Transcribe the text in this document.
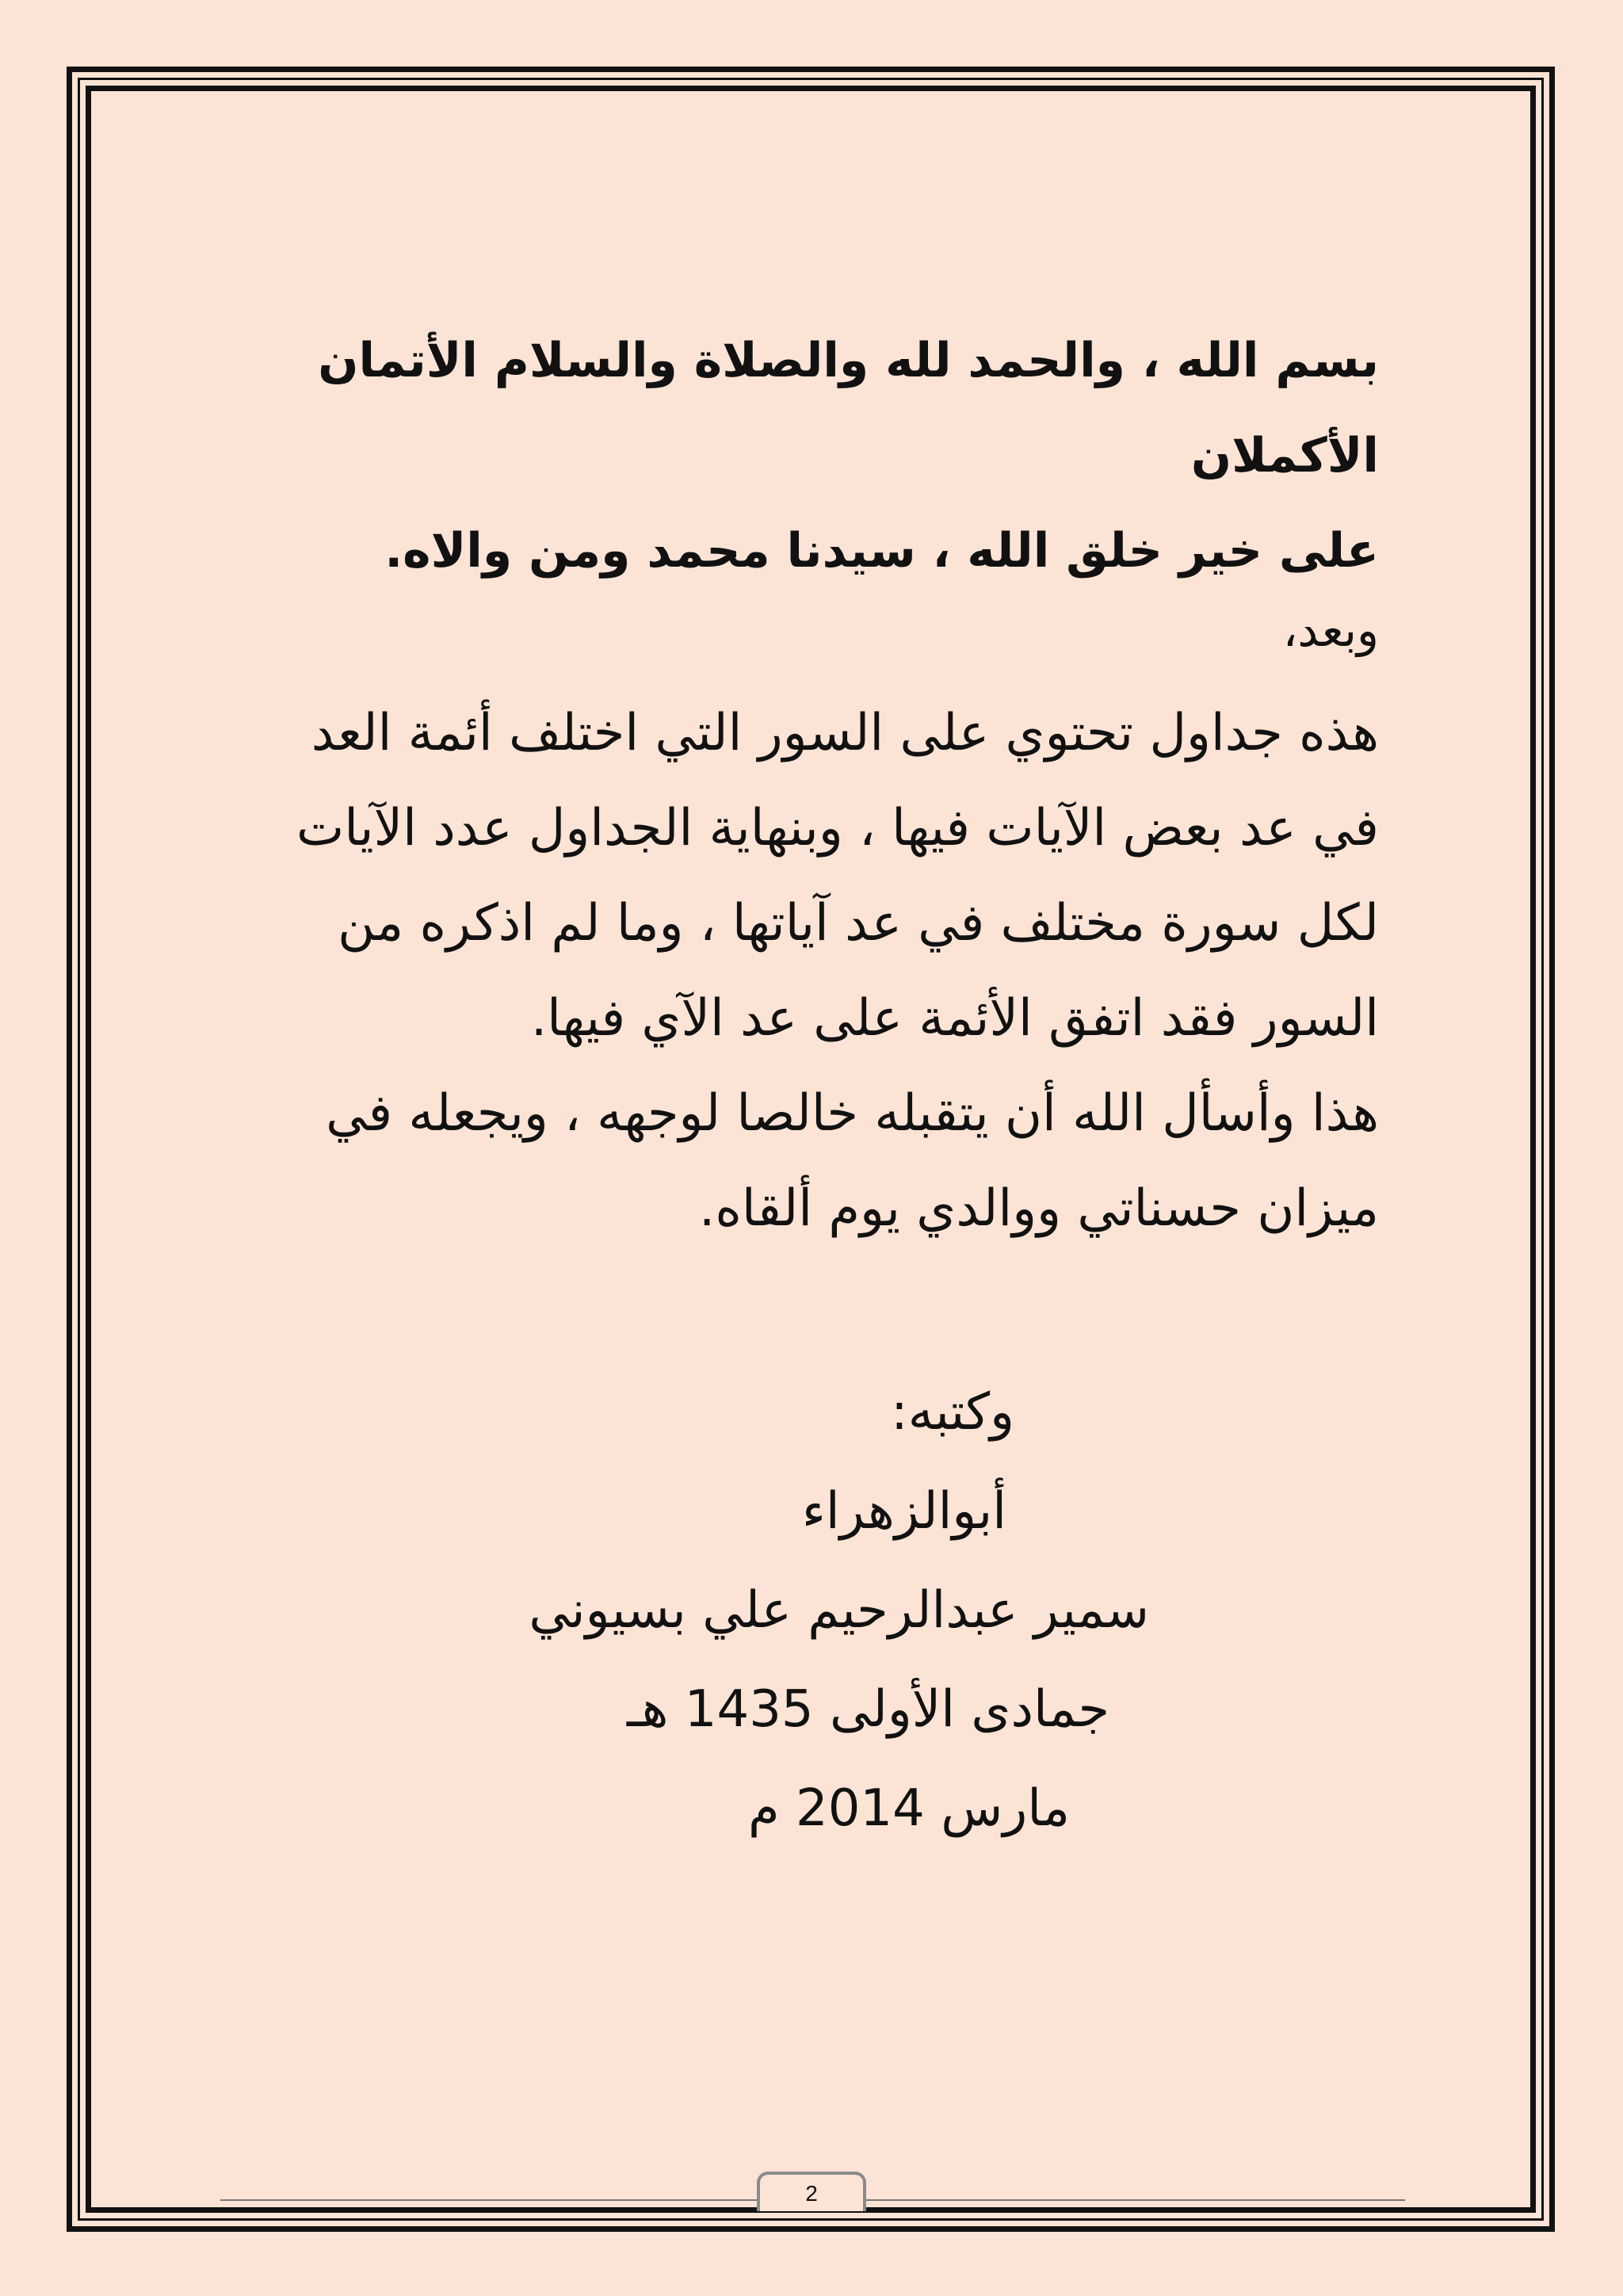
بسم الله ، والحمد لله والصلاة والسلام الأتمان الأكملان
على خير خلق الله ، سيدنا محمد ومن والاه.

وبعد،

هذه جداول تحتوي على السور التي اختلف أئمة العد في عد بعض الآيات فيها ، وبنهاية الجداول عدد الآيات لكل سورة مختلف في عد آياتها ، وما لم اذكره من السور فقد اتفق الأئمة على عد الآي فيها.

هذا وأسأل الله أن يتقبله خالصا لوجهه ، ويجعله في ميزان حسناتي ووالدي يوم ألقاه.

وكتبه:
أبوالزهراء
سمير عبدالرحيم علي بسيوني
جمادى الأولى 1435 هـ
مارس 2014 م
2
